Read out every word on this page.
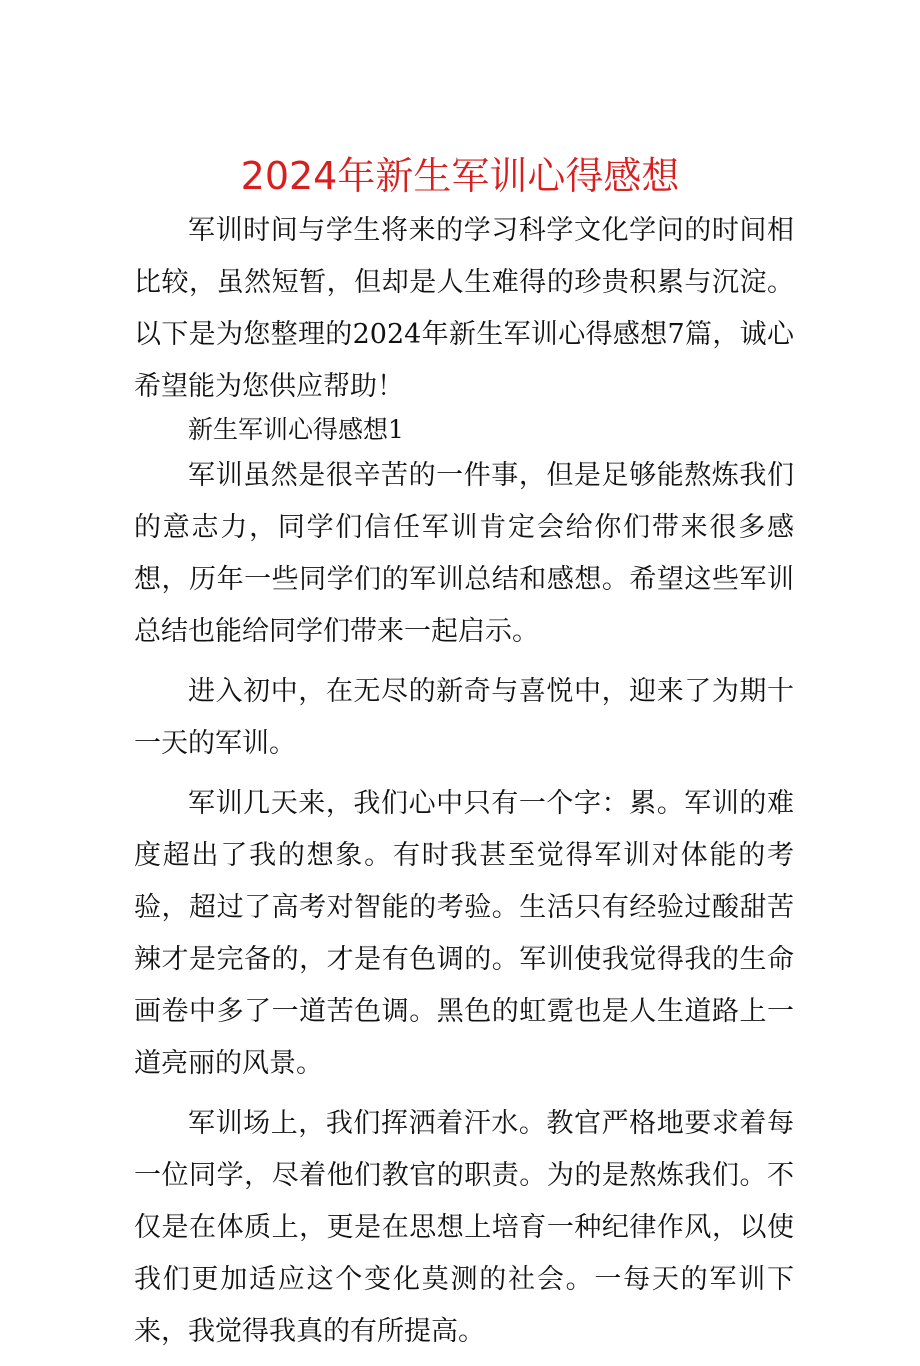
2024年新生军训心得感想

军训时间与学生将来的学习科学文化学问的时间相比较，虽然短暂，但却是人生难得的珍贵积累与沉淀。以下是为您整理的2024年新生军训心得感想7篇，诚心希望能为您供应帮助！

新生军训心得感想1

军训虽然是很辛苦的一件事，但是足够能熬炼我们的意志力，同学们信任军训肯定会给你们带来很多感想，历年一些同学们的军训总结和感想。希望这些军训总结也能给同学们带来一起启示。

进入初中，在无尽的新奇与喜悦中，迎来了为期十一天的军训。

军训几天来，我们心中只有一个字：累。军训的难度超出了我的想象。有时我甚至觉得军训对体能的考验，超过了高考对智能的考验。生活只有经验过酸甜苦辣才是完备的，才是有色调的。军训使我觉得我的生命画卷中多了一道苦色调。黑色的虹霓也是人生道路上一道亮丽的风景。

军训场上，我们挥洒着汗水。教官严格地要求着每一位同学，尽着他们教官的职责。为的是熬炼我们。不仅是在体质上，更是在思想上培育一种纪律作风，以使我们更加适应这个变化莫测的社会。一每天的军训下来，我觉得我真的有所提高。
